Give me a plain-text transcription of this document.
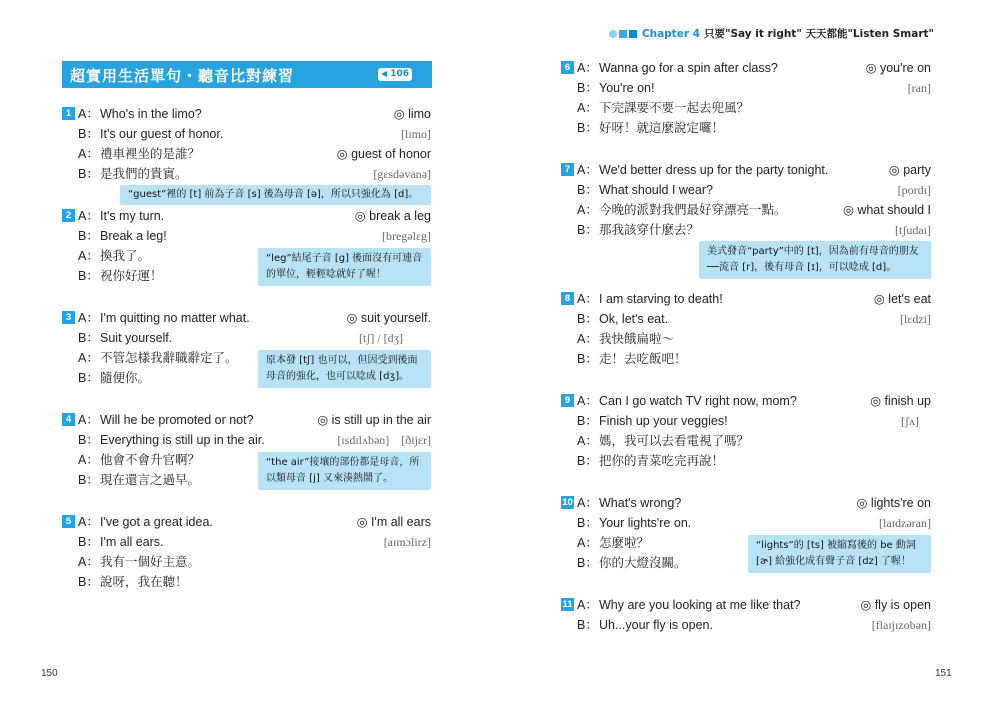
超實用生活單句・聽音比對練習	106
1 A：Who's in the limo?
B：It's our guest of honor.
A：禮車裡坐的是誰？
B：是我們的貴賓。
◎ limo
[lɪmo]
◎ guest of honor
[gɛsdəvanə]
“guest”裡的 [t] 前為子音 [s] 後為母音 [ə]，所以只強化為 [d]。
2 A：It's my turn.
B：Break a leg!
A：換我了。
B：祝你好運！
◎ break a leg
[bregəlɛg]
“leg”結尾子音 [g] 後面沒有可連音的單位，輕輕唸就好了喔！
3 A：I'm quitting no matter what.
B：Suit yourself.
A：不管怎樣我辭職辭定了。
B：隨便你。
◎ suit yourself.
[tʃ] / [dʒ]
原本發 [tʃ] 也可以，但因受到後面母音的強化，也可以唸成 [dʒ]。
4 A：Will he be promoted or not?
B：Everything is still up in the air.
A：他會不會升官啊？
B：現在還言之過早。
◎ is still up in the air
[ɪsdɪlʌbən]　[ðijɛr]
“the air”接壤的部份都是母音，所以類母音 [j] 又來湊熱鬧了。
5 A：I've got a great idea.
B：I'm all ears.
A：我有一個好主意。
B：說呀，我在聽！
◎ I'm all ears
[aɪmɔlirz]
150
Chapter 4 只要"Say it right" 天天都能"Listen Smart"
6 A：Wanna go for a spin after class?
B：You're on!
A：下完課要不要一起去兜風？
B：好呀！就這麼說定囉！
◎ you're on
[ran]
7 A：We'd better dress up for the party tonight.
B：What should I wear?
A：今晚的派對我們最好穿漂亮一點。
B：那我該穿什麼去？
◎ party
[pordɪ]
◎ what should I
[tʃudaɪ]
美式發音“party”中的 [t]，因為前有母音的朋友──流音 [r]，後有母音 [ɪ]，可以唸成 [d]。
8 A：I am starving to death!
B：Ok, let's eat.
A：我快餓扁啦～
B：走！去吃飯吧！
◎ let's eat
[lɛdzi]
9 A：Can I go watch TV right now, mom?
B：Finish up your veggies!
A：媽，我可以去看電視了嗎？
B：把你的青菜吃完再說！
◎ finish up
[ʃʌ]
10 A：What's wrong?
B：Your lights're on.
A：怎麼啦？
B：你的大燈沒關。
◎ lights're on
[laɪdzəran]
“lights”的 [ts] 被縮寫後的 be 動詞 [ɚ] 給強化成有聲子音 [dz] 了喔！
11 A：Why are you looking at me like that?
B：Uh...your fly is open.
◎ fly is open
[flaɪjɪzobən]
151
